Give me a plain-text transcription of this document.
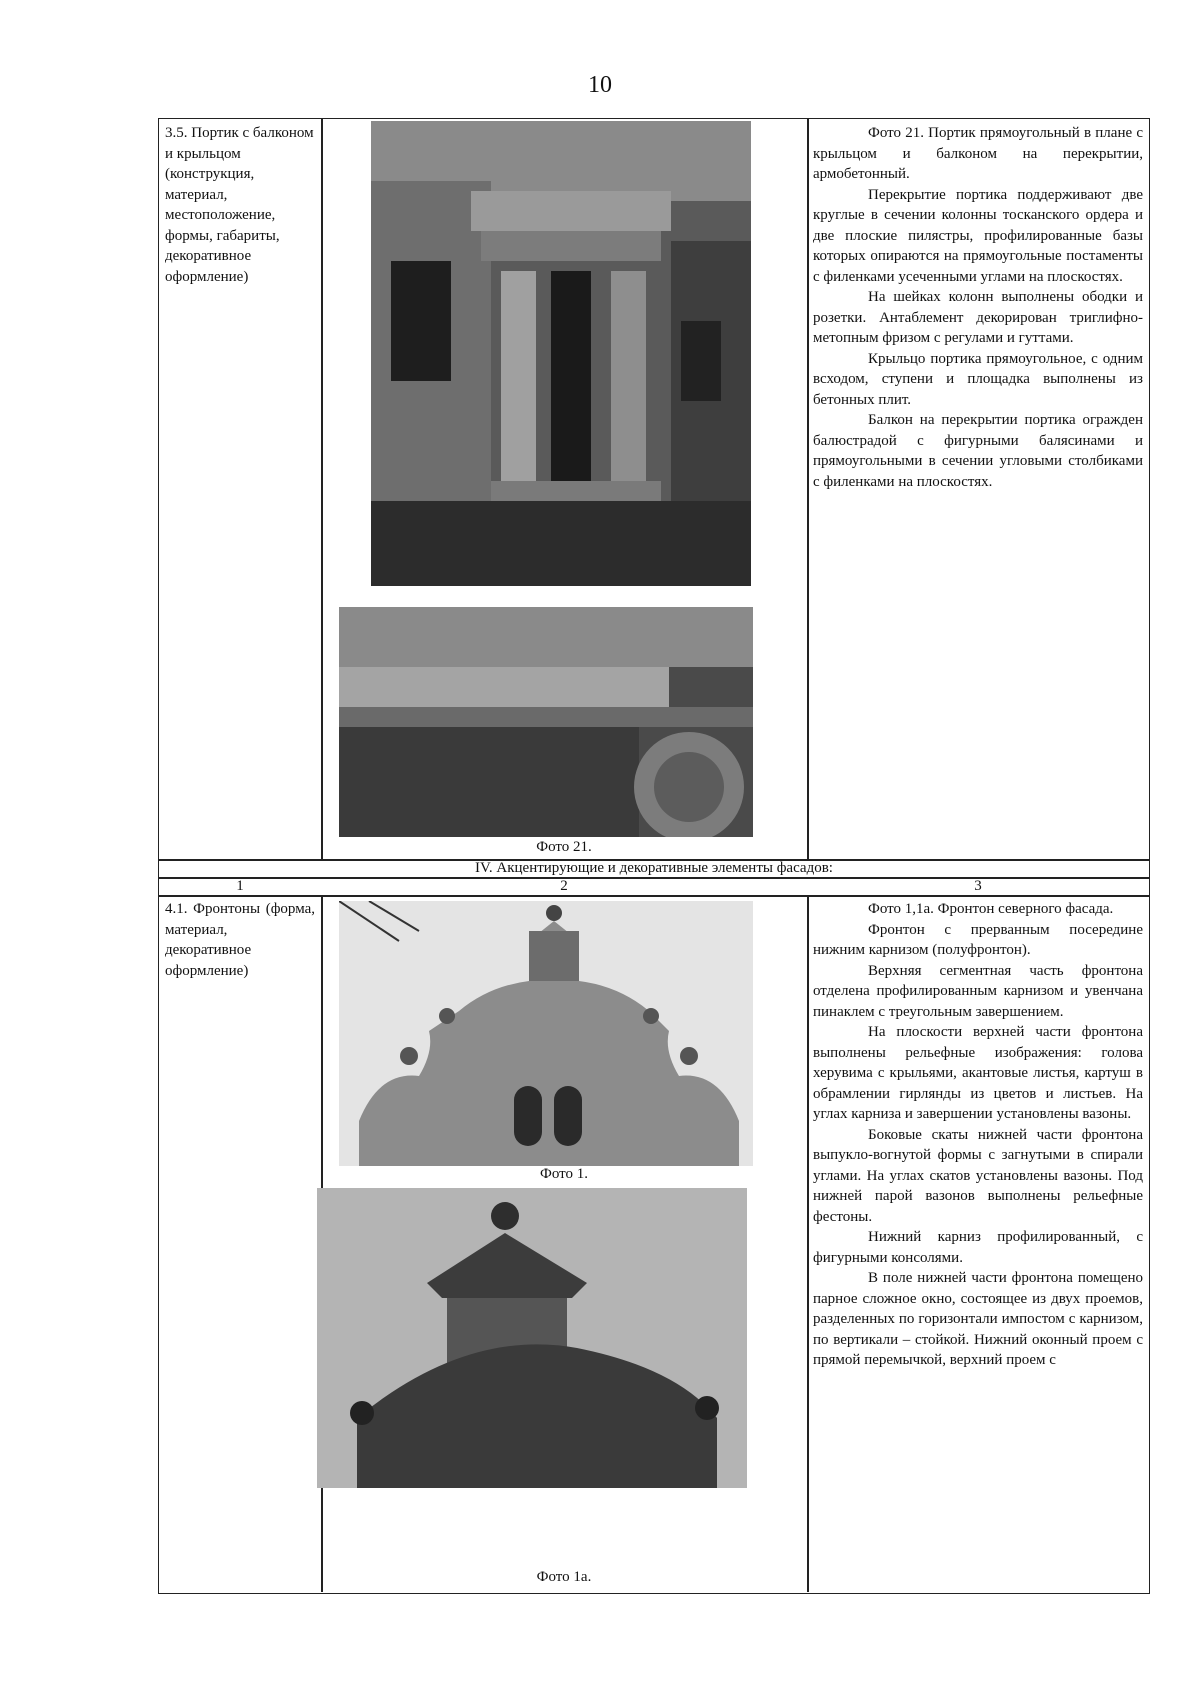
10
3.5. Портик с балконом и крыльцом (конструкция, материал, местоположение, формы, габариты, декоративное оформление)
Фото 21.

Фото 21. Портик прямоугольный в плане с крыльцом и балконом на перекрытии, армобетонный.

Перекрытие портика поддерживают две круглые в сечении колонны тосканского ордера и две плоские пилястры, профилированные базы которых опираются на прямоугольные постаменты с филенками усеченными углами на плоскостях.

На шейках колонн выполнены ободки и розетки. Антаблемент декорирован триглифно-метопным фризом с регулами и гуттами.

Крыльцо портика прямоугольное, с одним всходом, ступени и площадка выполнены из бетонных плит.

Балкон на перекрытии портика огражден балюстрадой с фигурными балясинами и прямоугольными в сечении угловыми столбиками с филенками на плоскостях.

IV. Акцентирующие и декоративные элементы фасадов:
1	2	3
4.1. Фронтоны (форма, материал, декоративное оформление)
Фото 1.
Фото 1а.

Фото 1,1а. Фронтон северного фасада.

Фронтон с прерванным посередине нижним карнизом (полуфронтон).

Верхняя сегментная часть фронтона отделена профилированным карнизом и увенчана пинаклем с треугольным завершением.

На плоскости верхней части фронтона выполнены рельефные изображения: голова херувима с крыльями, акантовые листья, картуш в обрамлении гирлянды из цветов и листьев. На углах карниза и завершении установлены вазоны.

Боковые скаты нижней части фронтона выпукло-вогнутой формы с загнутыми в спирали углами. На углах скатов установлены вазоны. Под нижней парой вазонов выполнены рельефные фестоны.

Нижний карниз профилированный, с фигурными консолями.

В поле нижней части фронтона помещено парное сложное окно, состоящее из двух проемов, разделенных по горизонтали импостом с карнизом, по вертикали – стойкой. Нижний оконный проем с прямой перемычкой, верхний проем с
